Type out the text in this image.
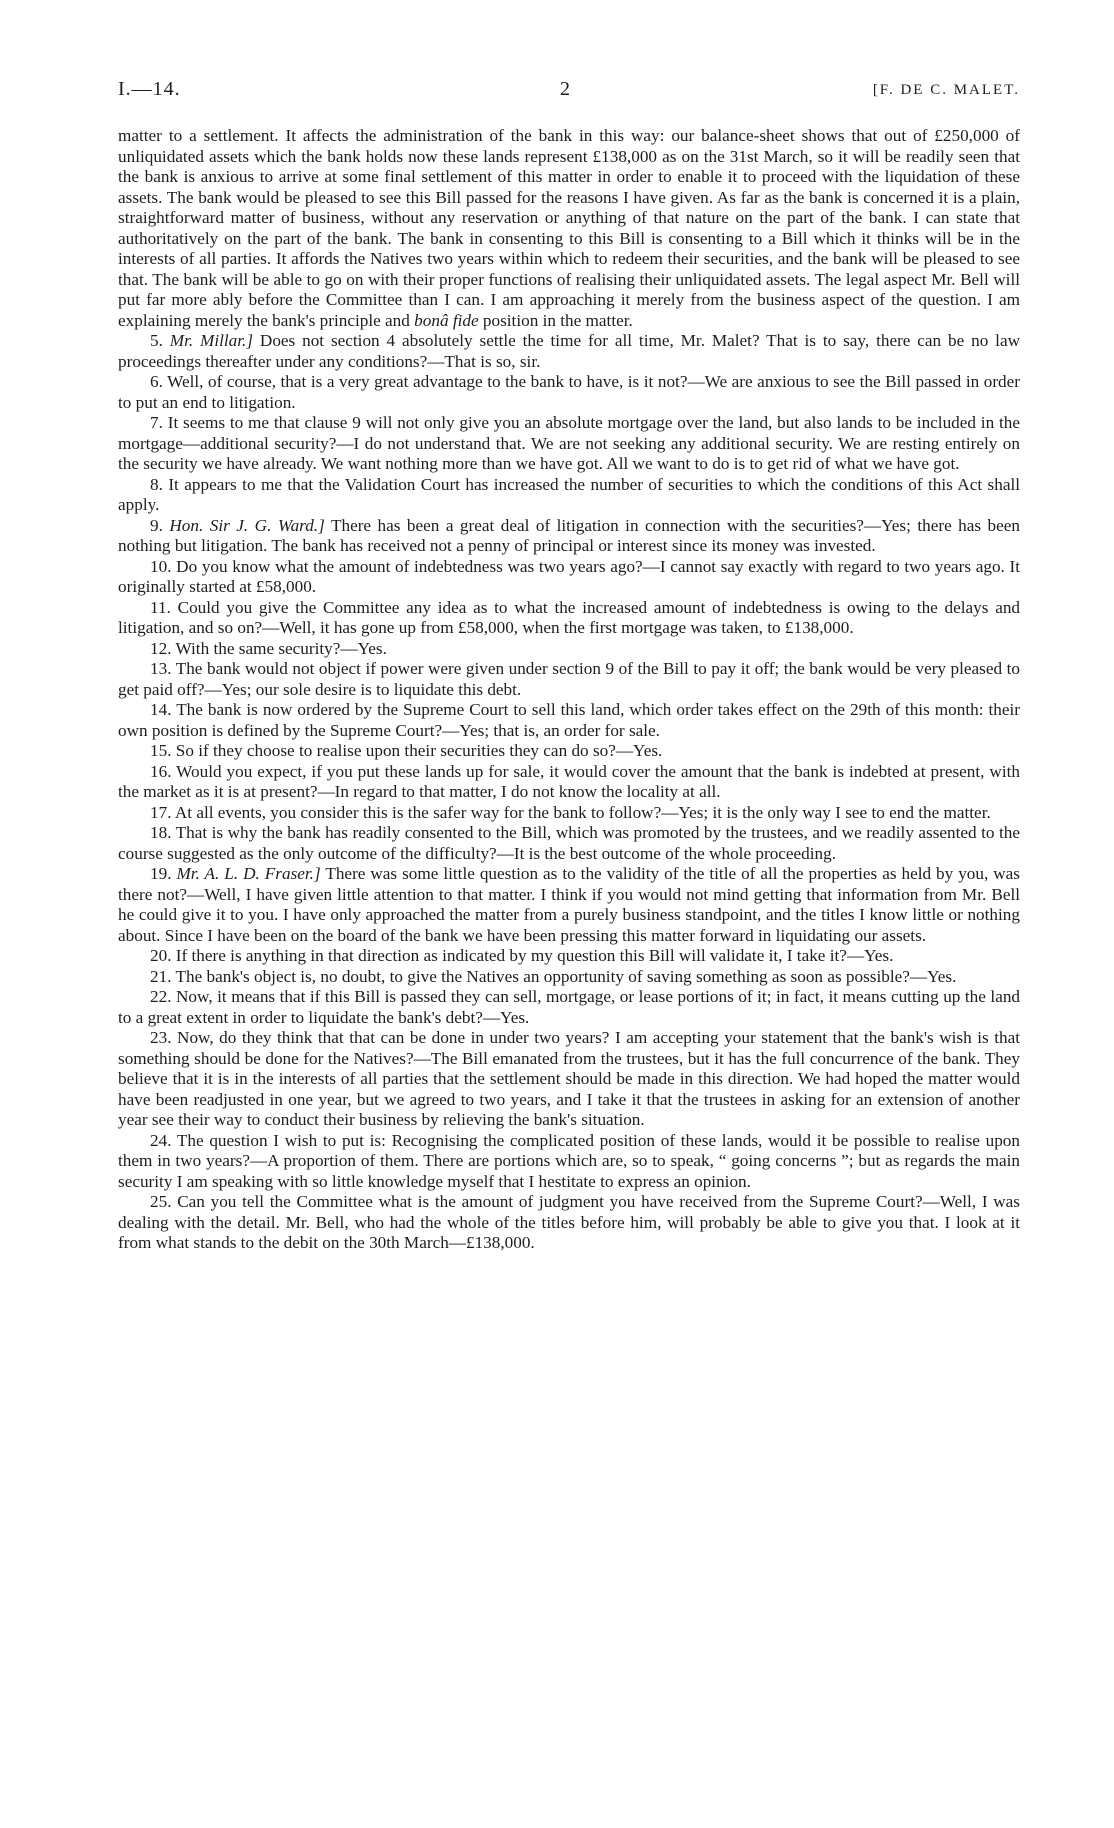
I.—14.	2	[F. DE C. MALET.

matter to a settlement. It affects the administration of the bank in this way: our balance-sheet shows that out of £250,000 of unliquidated assets which the bank holds now these lands represent £138,000 as on the 31st March, so it will be readily seen that the bank is anxious to arrive at some final settlement of this matter in order to enable it to proceed with the liquidation of these assets. The bank would be pleased to see this Bill passed for the reasons I have given. As far as the bank is concerned it is a plain, straightforward matter of business, without any reservation or anything of that nature on the part of the bank. I can state that authoritatively on the part of the bank. The bank in consenting to this Bill is consenting to a Bill which it thinks will be in the interests of all parties. It affords the Natives two years within which to redeem their securities, and the bank will be pleased to see that. The bank will be able to go on with their proper functions of realising their unliquidated assets. The legal aspect Mr. Bell will put far more ably before the Committee than I can. I am approaching it merely from the business aspect of the question. I am explaining merely the bank's principle and bonâ fide position in the matter.

5. Mr. Millar.] Does not section 4 absolutely settle the time for all time, Mr. Malet? That is to say, there can be no law proceedings thereafter under any conditions?—That is so, sir.

6. Well, of course, that is a very great advantage to the bank to have, is it not?—We are anxious to see the Bill passed in order to put an end to litigation.

7. It seems to me that clause 9 will not only give you an absolute mortgage over the land, but also lands to be included in the mortgage—additional security?—I do not understand that. We are not seeking any additional security. We are resting entirely on the security we have already. We want nothing more than we have got. All we want to do is to get rid of what we have got.

8. It appears to me that the Validation Court has increased the number of securities to which the conditions of this Act shall apply.

9. Hon. Sir J. G. Ward.] There has been a great deal of litigation in connection with the securities?—Yes; there has been nothing but litigation. The bank has received not a penny of principal or interest since its money was invested.

10. Do you know what the amount of indebtedness was two years ago?—I cannot say exactly with regard to two years ago. It originally started at £58,000.

11. Could you give the Committee any idea as to what the increased amount of indebtedness is owing to the delays and litigation, and so on?—Well, it has gone up from £58,000, when the first mortgage was taken, to £138,000.

12. With the same security?—Yes.

13. The bank would not object if power were given under section 9 of the Bill to pay it off; the bank would be very pleased to get paid off?—Yes; our sole desire is to liquidate this debt.

14. The bank is now ordered by the Supreme Court to sell this land, which order takes effect on the 29th of this month: their own position is defined by the Supreme Court?—Yes; that is, an order for sale.

15. So if they choose to realise upon their securities they can do so?—Yes.

16. Would you expect, if you put these lands up for sale, it would cover the amount that the bank is indebted at present, with the market as it is at present?—In regard to that matter, I do not know the locality at all.

17. At all events, you consider this is the safer way for the bank to follow?—Yes; it is the only way I see to end the matter.

18. That is why the bank has readily consented to the Bill, which was promoted by the trustees, and we readily assented to the course suggested as the only outcome of the difficulty?—It is the best outcome of the whole proceeding.

19. Mr. A. L. D. Fraser.] There was some little question as to the validity of the title of all the properties as held by you, was there not?—Well, I have given little attention to that matter. I think if you would not mind getting that information from Mr. Bell he could give it to you. I have only approached the matter from a purely business standpoint, and the titles I know little or nothing about. Since I have been on the board of the bank we have been pressing this matter forward in liquidating our assets.

20. If there is anything in that direction as indicated by my question this Bill will validate it, I take it?—Yes.

21. The bank's object is, no doubt, to give the Natives an opportunity of saving something as soon as possible?—Yes.

22. Now, it means that if this Bill is passed they can sell, mortgage, or lease portions of it; in fact, it means cutting up the land to a great extent in order to liquidate the bank's debt?—Yes.

23. Now, do they think that that can be done in under two years? I am accepting your statement that the bank's wish is that something should be done for the Natives?—The Bill emanated from the trustees, but it has the full concurrence of the bank. They believe that it is in the interests of all parties that the settlement should be made in this direction. We had hoped the matter would have been readjusted in one year, but we agreed to two years, and I take it that the trustees in asking for an extension of another year see their way to conduct their business by relieving the bank's situation.

24. The question I wish to put is: Recognising the complicated position of these lands, would it be possible to realise upon them in two years?—A proportion of them. There are portions which are, so to speak, “ going concerns ”; but as regards the main security I am speaking with so little knowledge myself that I hestitate to express an opinion.

25. Can you tell the Committee what is the amount of judgment you have received from the Supreme Court?—Well, I was dealing with the detail. Mr. Bell, who had the whole of the titles before him, will probably be able to give you that. I look at it from what stands to the debit on the 30th March—£138,000.
